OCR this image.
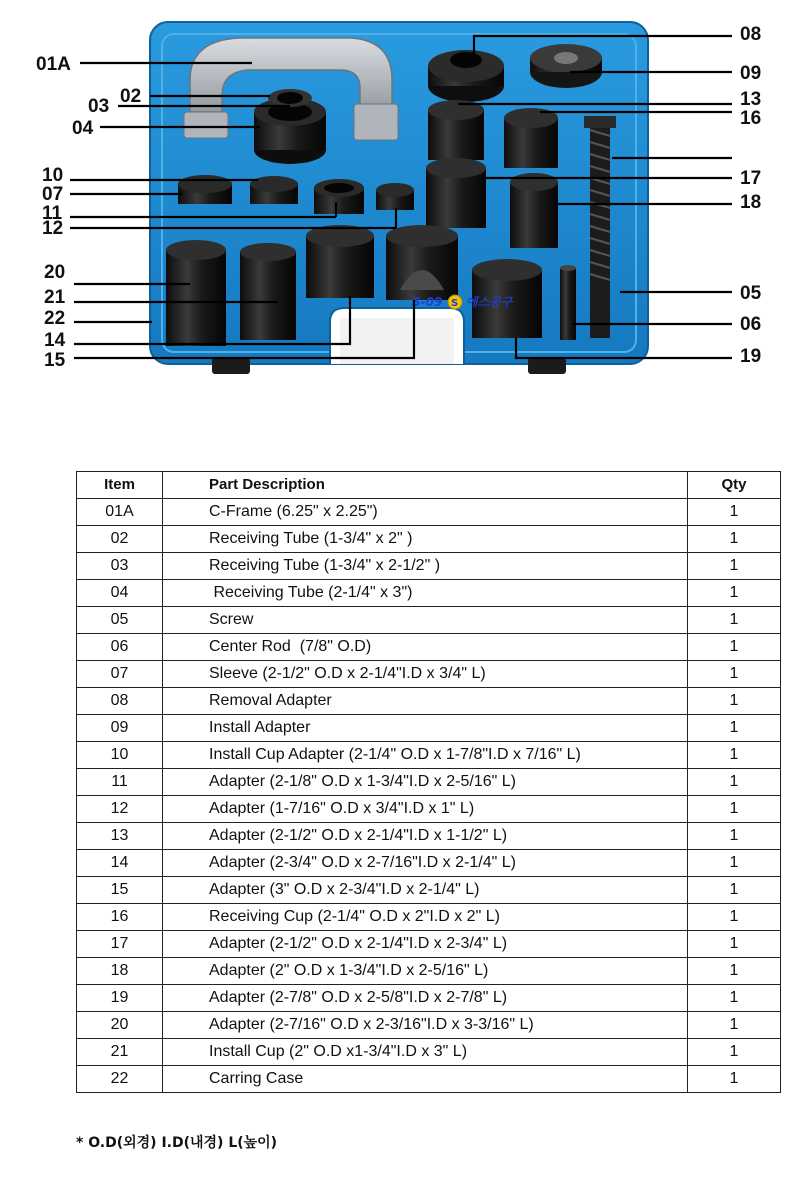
S-09 S 에스공구
01A
02
03
04
10
07
11
12
20
21
22
14
15
08
09
13
16
17
18
05
06
19
Item	Part Description	Qty
01A	C-Frame (6.25" x 2.25")	1
02	Receiving Tube (1-3/4" x 2" )	1
03	Receiving Tube (1-3/4" x 2-1/2" )	1
04	Receiving Tube (2-1/4" x 3")	1
05	Screw	1
06	Center Rod  (7/8" O.D)	1
07	Sleeve (2-1/2" O.D x 2-1/4"I.D x 3/4" L)	1
08	Removal Adapter	1
09	Install Adapter	1
10	Install Cup Adapter (2-1/4" O.D x 1-7/8"I.D x 7/16" L)	1
11	Adapter (2-1/8" O.D x 1-3/4"I.D x 2-5/16" L)	1
12	Adapter (1-7/16" O.D x 3/4"I.D x 1" L)	1
13	Adapter (2-1/2" O.D x 2-1/4"I.D x 1-1/2" L)	1
14	Adapter (2-3/4" O.D x 2-7/16"I.D x 2-1/4" L)	1
15	Adapter (3" O.D x 2-3/4"I.D x 2-1/4" L)	1
16	Receiving Cup (2-1/4" O.D x 2"I.D x 2" L)	1
17	Adapter (2-1/2" O.D x 2-1/4"I.D x 2-3/4" L)	1
18	Adapter (2" O.D x 1-3/4"I.D x 2-5/16" L)	1
19	Adapter (2-7/8" O.D x 2-5/8"I.D x 2-7/8" L)	1
20	Adapter (2-7/16" O.D x 2-3/16"I.D x 3-3/16" L)	1
21	Install Cup (2" O.D x1-3/4"I.D x 3" L)	1
22	Carring Case	1
* O.D(외경) I.D(내경) L(높이)
